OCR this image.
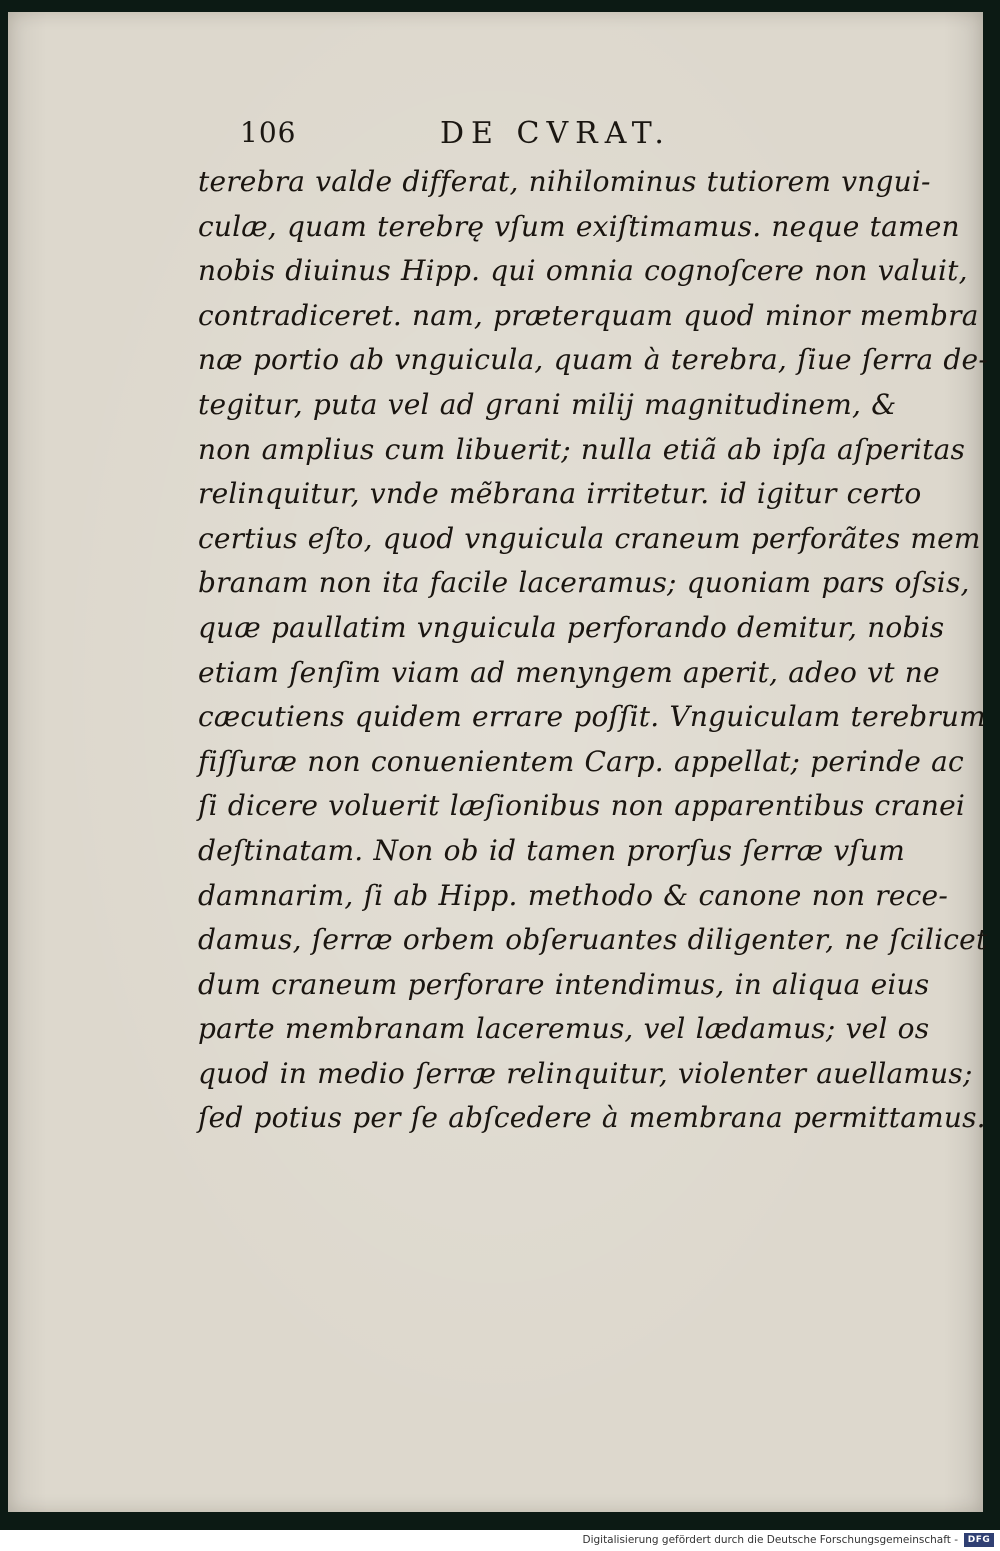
106	DE CVRAT.
terebra valde differat, nihilominus tutiorem vngui-
culæ, quam terebrę vſum exiſtimamus. neque tamen
nobis diuinus Hipp. qui omnia cognoſcere non valuit,
contradiceret. nam, præterquam quod minor membra
næ portio ab vnguicula, quam à terebra, ſiue ſerra de-
tegitur, puta vel ad grani milij magnitudinem, &
non amplius cum libuerit; nulla etiã ab ipſa aſperitas
relinquitur, vnde mẽbrana irritetur. id igitur certo
certius eſto, quod vnguicula craneum perforãtes mem
branam non ita facile laceramus; quoniam pars oſsis,
quæ paullatim vnguicula perforando demitur, nobis
etiam ſenſim viam ad menyngem aperit, adeo vt ne
cæcutiens quidem errare poſſit. Vnguiculam terebrum
fiſſuræ non conuenientem Carp. appellat; perinde ac
ſi dicere voluerit læſionibus non apparentibus cranei
deſtinatam. Non ob id tamen prorſus ſerræ vſum
damnarim, ſi ab Hipp. methodo & canone non rece-
damus, ſerræ orbem obſeruantes diligenter, ne ſcilicet
dum craneum perforare intendimus, in aliqua eius
parte membranam laceremus, vel lædamus; vel os
quod in medio ſerræ relinquitur, violenter auellamus;
ſed potius per ſe abſcedere à membrana permittamus.
Digitalisierung gefördert durch die Deutsche Forschungsgemeinschaft -	DFG
